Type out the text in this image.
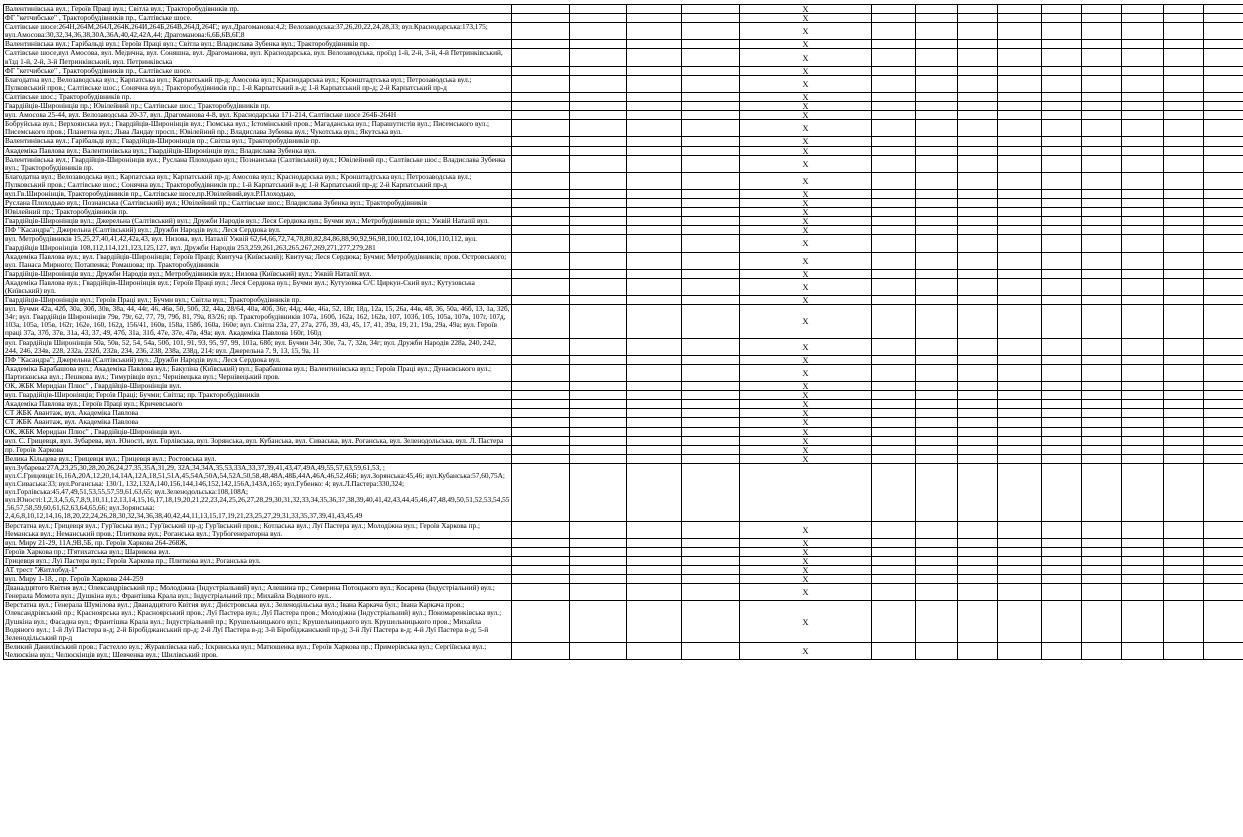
Валентинівська вул.; Героїв Праці вул.; Світла вул.; Тракторобудівників пр.					Х										
ФГ "кетчибське" , Тракторобудівників пр., Салтівське шосе.					Х										
Салтівське шосе:264Н,264М,264Л,264К,264И,264Б,264В,264Д,264Г,; вул.Драгоманова:4,2; Велозаводська:37,26,20,22,24,28,33; вул.Краснодарська:173,175; вул.Амосова:30,32,34,36,38,30А,36А,40,42,42А,44; Драгоманова:6,6Б,6В,6Г,8					Х										
Валентинівська вул.; Гарібальді вул.; Героїв Праці вул.; Світла вул.; Владислава Зубенка вул.; Тракторобудівників пр.					Х										
Салтівське шосе,вул Амосова, вул. Медична, вул. Соняшна, вул. Драгоманова, вул. Краснодарська, вул. Велозаводська, проїзд 1-й, 2-й, 3-й, 4-й Петринківський, в'їзд 1-й, 2-й, 3-й Петринківський, вул. Петринківська					Х										
ФГ "кетчибське" , Тракторобудівників пр., Салтівське шосе.					Х										
Благодатна вул.; Велозаводська вул.; Карпатська вул.; Карпатський пр-д; Амосова вул.; Краснодарська вул.; Кронштадтська вул.; Петрозаводська вул.; Пулковський пров.; Салтівське шос.; Сонячна вул.; Тракторобудівників пр.; 1-й Карпатський в-д; 1-й Карпатський пр-д; 2-й Карпатський пр-д					Х										
Салтівське шос.; Тракторобудівників пр.					Х										
Гвардійців-Широнінців пр.; Ювілейний пр.; Салтівське шос.; Тракторобудівників пр.					Х										
вул. Амосова 25-44, вул. Велозаводська 20-37, вул. Драгоманова 4-8, вул. Краснодарська 171-214, Салтівське шосе 264Б-264Н					Х										
Бобруйська вул.; Верхоянська вул.; Гвардійців-Широнінців вул.; Гюмська вул.; Істомінський пров.; Магаданська вул.; Парашутистів вул.; Писемського вул.; Писемського пров.; Планетна вул.; Льва Ландау просп.; Ювілейний пр.; Владислава Зубенка вул.; Чукотська вул.; Якутська вул.					Х										
Валентинівська вул.; Гарібальді вул.; Гвардійців-Широнінців пр.; Світла вул.; Тракторобудівників пр.					Х										
Академіка Павлова вул.; Валентинівська вул.; Гвардійців-Широнінців вул.; Владислава Зубенка вул.					Х										
Валентинівська вул.; Гвардійців-Широнінців вул.; Руслана Плоходько вул.; Познанська (Салтівський) вул.; Ювілейний пр.; Салтівське шос.; Владислава Зубенка вул.; Тракторобудівників пр.					Х										
Благодатна вул.; Велозаводська вул.; Карпатська вул.; Карпатський пр-д; Амосова вул.; Краснодарська вул.; Кронштадтська вул.; Петрозаводська вул.; Пулковський пров.; Салтівське шос.; Сонячна вул.; Тракторобудівників пр.; 1-й Карпатський в-д; 1-й Карпатський пр-д; 2-й Карпатський пр-д					Х										
вул.Гв.Широнінців, Тракторобудівників пр., Салтівське шосе,пр.Ювілейний,вул.Р.Плоходько,					Х										
Руслана Плоходько вул.; Познанська (Салтівський) вул.; Ювілейний пр.; Салтівське шос.; Владислава Зубенка вул.; Тракторобудівників					Х										
Ювілейний пр.; Тракторобудівників пр.					Х										
Гвардійців-Широнінців вул.; Джерельна (Салтівський) вул.; Дружби Народів вул.; Леся Сердюка вул.; Бучми вул.; Метробудівників вул.; Ужвій Наталії вул.					Х										
ПФ "Касандра"; Джерельна (Салтівський) вул.; Дружби Народів вул.; Леся Сердюка вул.					Х										
вул. Метробудівників 15,25,27,40,41,42,42а,43, вул. Низова, вул. Наталії Ужвій 62,64,66,72,74,78,80,82,84,86,88,90,92,96,98,100,102,104,106,110,112, вул. Гвардійців Широнінців 108,112,114,121,123,125,127, вул. Дружби Народів 253,259,261,263,265,267,269,271,277,279,281					Х										
Академіка Павлова вул.; вул. Гвардійців-Широнінців; Героїв Праці; Квитуча (Київський); Квитуча; Леся Сердюка; Бучми; Метробудівників; пров. Островського; вул. Панаса Мирного; Потапенка; Ромашова; пр. Тракторобудівників					Х										
Гвардійців-Широнінців вул.; Дружби Народів вул.; Метробудівників вул.; Низова (Київський) вул.; Ужвій Наталії вул.					Х										
Академіка Павлова вул.; Гвардійців-Широнінців вул.; Героїв Праці вул.; Леся Сердюка вул.; Бучми вул.; Кутузовка С/С Циркун-Ский вул.; Кутузовська (Київський) вул.					Х										
Гвардійців-Широнінців вул.; Героїв Праці вул.; Бучми вул.; Світла вул.; Тракторобудівників пр.					Х										
вул. Бучми 42а, 42б, 30а, 30б, 30в, 38а, 44, 44г, 46, 46в, 50, 50б, 32, 44а, 28/64, 40а, 40б, 36г, 44д, 44е, 46а, 52, 18г, 18д, 12а, 15, 26а, 44в, 48, 36, 50а, 46б, 13, 1а, 32б, 34г; вул. Гвардійців Широнінців 79в, 79г, 62, 77, 79, 79б, 81, 79а, 83/26; пр. Тракторобудівників 107а, 160б, 162а, 162, 162в, 107, 103б, 105, 105а, 107в, 107г, 107д, 103а, 105а, 105в, 162г, 162е, 160, 162д, 156/41, 160в, 158а, 158б, 160а, 160е; вул. Світла 23а, 27, 27а, 27б, 39, 43, 45, 17, 41, 39а, 19, 21, 19а, 29а, 49а; вул. Героїв праці 37а, 37б, 37в, 31а, 43, 37, 49, 47б, 31а, 31б, 47е, 37е, 47в, 49а; вул. Академіка Павлова 160г, 160д					Х										
вул. Гвардійців Широнінців 50а, 50в, 52, 54, 54а, 50б, 101, 91, 93, 95, 97, 99, 101а, 68б; вул. Бучми 34г, 30е, 7а, 7, 32в, 34г; вул. Дружби Народів 228а, 240, 242, 244, 246, 234в, 228, 232а, 232б, 232в, 234, 236, 238, 238а, 238д, 214; вул. Джерельна 7, 9, 13, 15, 9а, 11					Х										
ПФ "Касандра"; Джерельна (Салтівський) вул.; Дружби Народів вул.; Леся Сердюка вул.					Х										
Академіка Барабашова вул.; Академіка Павлова вул.; Бакуліна (Київський) вул.; Барабашова вул.; Валентинівська вул.; Героїв Праці вул.; Дунаєвського вул.; Партизанська вул.; Пешкова вул.; Тимурівців вул.; Чернівецька вул.; Чернівецький пров.					Х										
ОК, ЖБК Меридіан Плюс" , Гвардійців-Широнінців вул.					Х										
вул. Гвардійців-Широнінців; Героїв Праці; Бучми; Світла; пр. Тракторобудівників					Х										
Академіка Павлова вул.; Героїв Праці вул.; Кричевського					Х										
СТ ЖБК Авантаж, вул. Академіка Павлова					Х										
СТ ЖБК Авантаж, вул. Академіка Павлова					Х										
ОК, ЖБК Меридіан Плюс" , Гвардійців-Широнінців вул.					Х										
вул. С. Грицевця, вул. Зубарева, вул. Юності, вул. Горлівська, вул. Зорянська, вул. Кубанська, вул. Сиваська, вул. Роганська, вул. Зеленодольська, вул. Л. Пастера					Х										
пр. Героїв Харкова					Х										
Велика Кільцева вул.; Грицевця вул.; Грицевця вул.; Ростовська вул.					Х										
вул.Зубарева:27А,23,25,30,28,20,26,24,27,35,35А,31,29, 32А,34,34А,35,53,33А,33,37,39,41,43,47,49А,49,55,57,63,59,61,53, ; вул.С.Грицевця:16,16А,20А,12,20,14,14А,12А,18,51,51А,45,54А,50А,54,52А,50,58,48,48А,48Б,44А,46А,46,52,46Б; вул.Зорянська:45,46; вул.Кубанська:57,60,75А; вул.Сиваська:33; вул.Роганська: 130/1, 132,132А,140,156,144,146,152,142,156А,143А,165; вул.Губенко: 4; вул.Л.Пастера:330,324; вул.Горлівська:45,47,49,51,53,55,57,59,61,63,65; вул.Зеленодольська:108,108А; вул.Юності:1,2,3,4,5,6,7,8,9,10,11,12,13,14,15,16,17,18,19,20,21,22,23,24,25,26,27,28,29,30,31,32,33,34,35,36,37,38,39,40,41,42,43,44,45,46,47,48,49,50,51,52,53,54,55,56,57,58,59,60,61,62,63,64,65,66; вул.Зорянська: 2,4,6,8,10,12,14,16,18,20,22,24,26,28,30,32,34,36,38,40,42,44,11,13,15,17,19,21,23,25,27,29,31,33,35,37,39,41,43,45,49															
Верстатна вул.; Грицевця вул.; Гур'ївська вул.; Гур'ївський пр-д; Гур'ївський пров.; Котласька вул.; Луї Пастера вул.; Молодіжна вул.; Героїв Харкова пр.; Неманська вул.; Неманський пров.; Плиткова вул.; Роганська вул.; Турбогенераторна вул.					Х										
вул. Миру 21-29, 11А,9В,5Б, пр. Героїв Харкова 264-268Ж,					Х										
Героїв Харкова пр.; П'ятихатська вул.; Шарикова вул.					Х										
Грицевця вул.; Луї Пастера вул.; Героїв Харкова пр.; Плиткова вул.; Роганська вул.					Х										
АТ трест "Житлобуд-1"					Х										
вул. Миру 1-18, , пр. Героїв Харкова 244-259					Х										
Дванадцятого Квітня вул.; Олександрівський пр.; Молодіжна (Індустріальний) вул.; Алешина пр.; Северина Потоцького вул.; Косарева (Індустріальний) вул.; Генерала Момота вул.; Душкіна вул.; Франтішка Крала вул.; Індустріальний пр.; Михайла Водяного вул..					Х										
Верстатна вул.; Генерала Шумілова вул.; Дванадцятого Квітня вул.; Дністровська вул.; Зеленодільська вул.; Івана Каркача бул.; Івана Каркача пров.; Олександрівський пр.; Красноярська вул.; Красноярський пров.; Луї Пастера вул.; Луї Пастера пров.; Молодіжна (Індустріальний) вул.; Пономаренківська вул.; Душкіна вул.; Фасадна вул.; Франтішка Крала вул.; Індустріальний пр.; Крушельницького вул.; Крушельницького вул. Крушельницького пров.; Михайла Водяного вул.; 1-й Луї Пастера в-д; 2-й Біробіджанський пр-д; 2-й Луї Пастера в-д; 3-й Біробіджанський пр-д; 3-й Луї Пастера в-д; 4-й Луї Пастера в-д; 5-й Зеленодільський пр-д					Х										
Великий Данилівський пров.; Гастелло вул.; Журавлівська наб.; Іскринська вул.; Матюшенка вул.; Героїв Харкова пр.; Примерівська вул.; Сергіївська вул.; Челюскіна вул.; Челюскінців вул.; Шевченка вул.; Шилівський пров.					Х										
